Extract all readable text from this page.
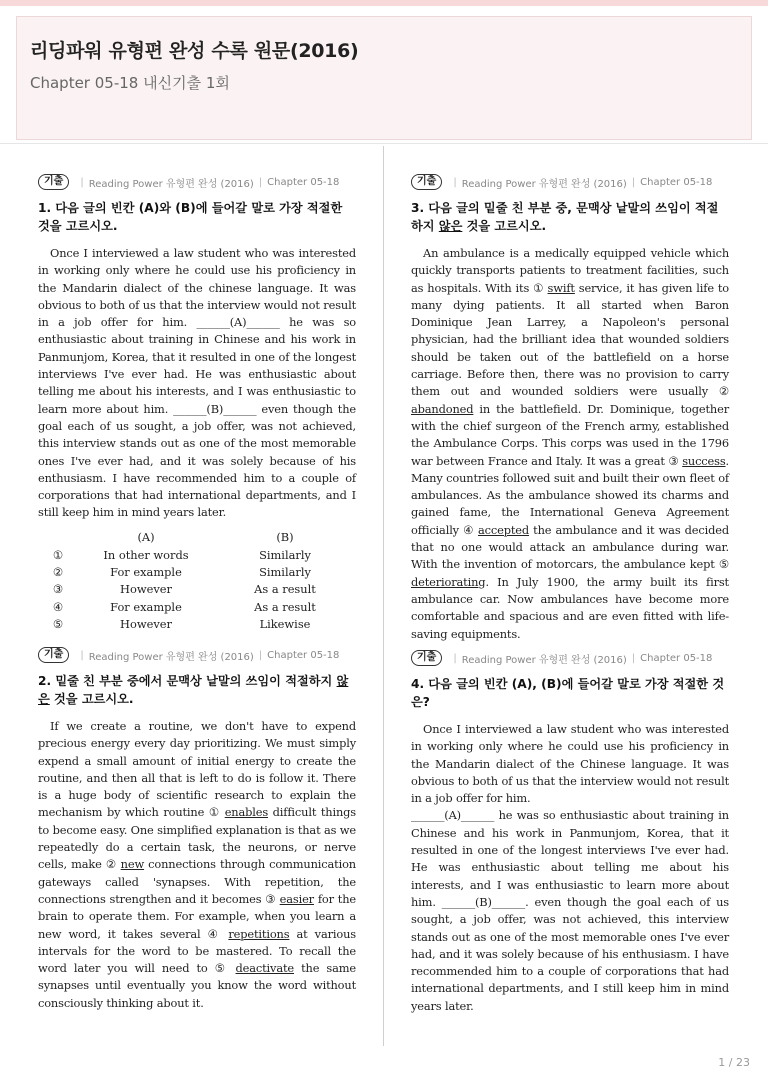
리딩파워 유형편 완성 수록 원문(2016)
Chapter 05-18 내신기출 1회
기출	| Reading Power 유형편 완성 (2016) | Chapter 05-18
1. 다음 글의 빈칸 (A)와 (B)에 들어갈 말로 가장 적절한 것을 고르시오.
Once I interviewed a law student who was interested in working only where he could use his proficiency in the Mandarin dialect of the chinese language. It was obvious to both of us that the interview would not result in a job offer for him. ______(A)______ he was so enthusiastic about training in Chinese and his work in Panmunjom, Korea, that it resulted in one of the longest interviews I've ever had. He was enthusiastic about telling me about his interests, and I was enthusiastic to learn more about him. ______(B)______ even though the goal each of us sought, a job offer, was not achieved, this interview stands out as one of the most memorable ones I've ever had, and it was solely because of his enthusiasm. I have recommended him to a couple of corporations that had international departments, and I still keep him in mind years later.
	(A)	(B)
①	In other words	Similarly
②	For example	Similarly
③	However	As a result
④	For example	As a result
⑤	However	Likewise
기출	| Reading Power 유형편 완성 (2016) | Chapter 05-18
2. 밑줄 친 부분 중에서 문맥상 낱말의 쓰임이 적절하지 않은 것을 고르시오.
If we create a routine, we don't have to expend precious energy every day prioritizing. We must simply expend a small amount of initial energy to create the routine, and then all that is left to do is follow it. There is a huge body of scientific research to explain the mechanism by which routine ① enables difficult things to become easy. One simplified explanation is that as we repeatedly do a certain task, the neurons, or nerve cells, make ② new connections through communication gateways called 'synapses. With repetition, the connections strengthen and it becomes ③ easier for the brain to operate them. For example, when you learn a new word, it takes several ④ repetitions at various intervals for the word to be mastered. To recall the word later you will need to ⑤ deactivate the same synapses until eventually you know the word without consciously thinking about it.
기출	| Reading Power 유형편 완성 (2016) | Chapter 05-18
3. 다음 글의 밑줄 친 부분 중, 문맥상 낱말의 쓰임이 적절하지 않은 것을 고르시오.
An ambulance is a medically equipped vehicle which quickly transports patients to treatment facilities, such as hospitals. With its ① swift service, it has given life to many dying patients. It all started when Baron Dominique Jean Larrey, a Napoleon's personal physician, had the brilliant idea that wounded soldiers should be taken out of the battlefield on a horse carriage. Before then, there was no provision to carry them out and wounded soldiers were usually ② abandoned in the battlefield. Dr. Dominique, together with the chief surgeon of the French army, established the Ambulance Corps. This corps was used in the 1796 war between France and Italy. It was a great ③ success. Many countries followed suit and built their own fleet of ambulances. As the ambulance showed its charms and gained fame, the International Geneva Agreement officially ④ accepted the ambulance and it was decided that no one would attack an ambulance during war. With the invention of motorcars, the ambulance kept ⑤ deteriorating. In July 1900, the army built its first ambulance car. Now ambulances have become more comfortable and spacious and are even fitted with life-saving equipments.
기출	| Reading Power 유형편 완성 (2016) | Chapter 05-18
4. 다음 글의 빈칸 (A), (B)에 들어갈 말로 가장 적절한 것은?

Once I interviewed a law student who was interested in working only where he could use his proficiency in the Mandarin dialect of the Chinese language. It was obvious to both of us that the interview would not result in a job offer for him.

______(A)______ he was so enthusiastic about training in Chinese and his work in Panmunjom, Korea, that it resulted in one of the longest interviews I've ever had. He was enthusiastic about telling me about his interests, and I was enthusiastic to learn more about him. ______(B)______. even though the goal each of us sought, a job offer, was not achieved, this interview stands out as one of the most memorable ones I've ever had, and it was solely because of his enthusiasm. I have recommended him to a couple of corporations that had international departments, and I still keep him in mind years later.

1 / 23
